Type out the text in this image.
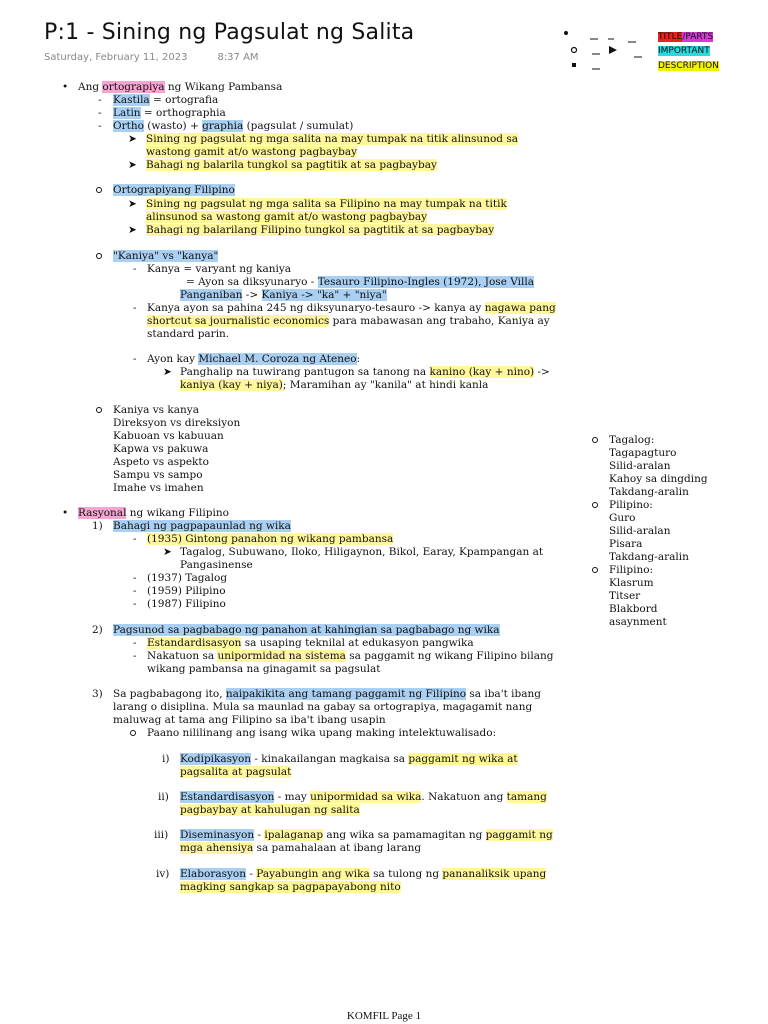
P:1 - Sining ng Pagsulat ng Salita
Saturday, February 11, 2023	8:37 AM
TITLE/PARTS
IMPORTANT
DESCRIPTION
• Ang ortograpiya ng Wikang Pambansa
- Kastila = ortografia
- Latin = orthographia
- Ortho (wasto) + graphia (pagsulat / sumulat)
➤ Sining ng pagsulat ng mga salita na may tumpak na titik alinsunod sa
wastong gamit at/o wastong pagbaybay
➤ Bahagi ng balarila tungkol sa pagtitik at sa pagbaybay
Ortograpiyang Filipino
➤ Sining ng pagsulat ng mga salita sa Filipino na may tumpak na titik
alinsunod sa wastong gamit at/o wastong pagbaybay
➤ Bahagi ng balarilang Filipino tungkol sa pagtitik at sa pagbaybay
"Kaniya" vs "kanya"
- Kanya = varyant ng kaniya
= Ayon sa diksyunaryo - Tesauro Filipino-Ingles (1972), Jose Villa
Panganiban -> Kaniya -> "ka" + "niya"
- Kanya ayon sa pahina 245 ng diksyunaryo-tesauro -> kanya ay nagawa pang
shortcut sa journalistic economics para mabawasan ang trabaho, Kaniya ay
standard parin.
- Ayon kay Michael M. Coroza ng Ateneo:
➤ Panghalip na tuwirang pantugon sa tanong na kanino (kay + nino) ->
kaniya (kay + niya); Maramihan ay "kanila" at hindi kanla
Kaniya vs kanya
Direksyon vs direksiyon
Kabuoan vs kabuuan
Kapwa vs pakuwa
Aspeto vs aspekto
Sampu vs sampo
Imahe vs imahen
Tagalog:
Tagapagturo
Silid-aralan
Kahoy sa dingding
Takdang-aralin
Pilipino:
Guro
Silid-aralan
Pisara
Takdang-aralin
Filipino:
Klasrum
Titser
Blakbord
asaynment
• Rasyonal ng wikang Filipino
1) Bahagi ng pagpapaunlad ng wika
- (1935) Gintong panahon ng wikang pambansa
➤ Tagalog, Subuwano, Iloko, Hiligaynon, Bikol, Earay, Kpampangan at
Pangasinense
- (1937) Tagalog
- (1959) Pilipino
- (1987) Filipino
2) Pagsunod sa pagbabago ng panahon at kahingian sa pagbabago ng wika
- Estandardisasyon sa usaping teknilal at edukasyon pangwika
- Nakatuon sa unipormidad na sistema sa paggamit ng wikang Filipino bilang
wikang pambansa na ginagamit sa pagsulat
3) Sa pagbabagong ito, naipakikita ang tamang paggamit ng Filipino sa iba't ibang
larang o disiplina. Mula sa maunlad na gabay sa ortograpiya, magagamit nang
maluwag at tama ang Filipino sa iba't ibang usapin
Paano nililinang ang isang wika upang making intelektuwalisado:
i) Kodipikasyon - kinakailangan magkaisa sa paggamit ng wika at
pagsalita at pagsulat
ii) Estandardisasyon - may unipormidad sa wika. Nakatuon ang tamang
pagbaybay at kahulugan ng salita
iii) Diseminasyon - ipalaganap ang wika sa pamamagitan ng paggamit ng
mga ahensiya sa pamahalaan at ibang larang
iv) Elaborasyon - Payabungin ang wika sa tulong ng pananaliksik upang
magking sangkap sa pagpapayabong nito
KOMFIL Page 1
